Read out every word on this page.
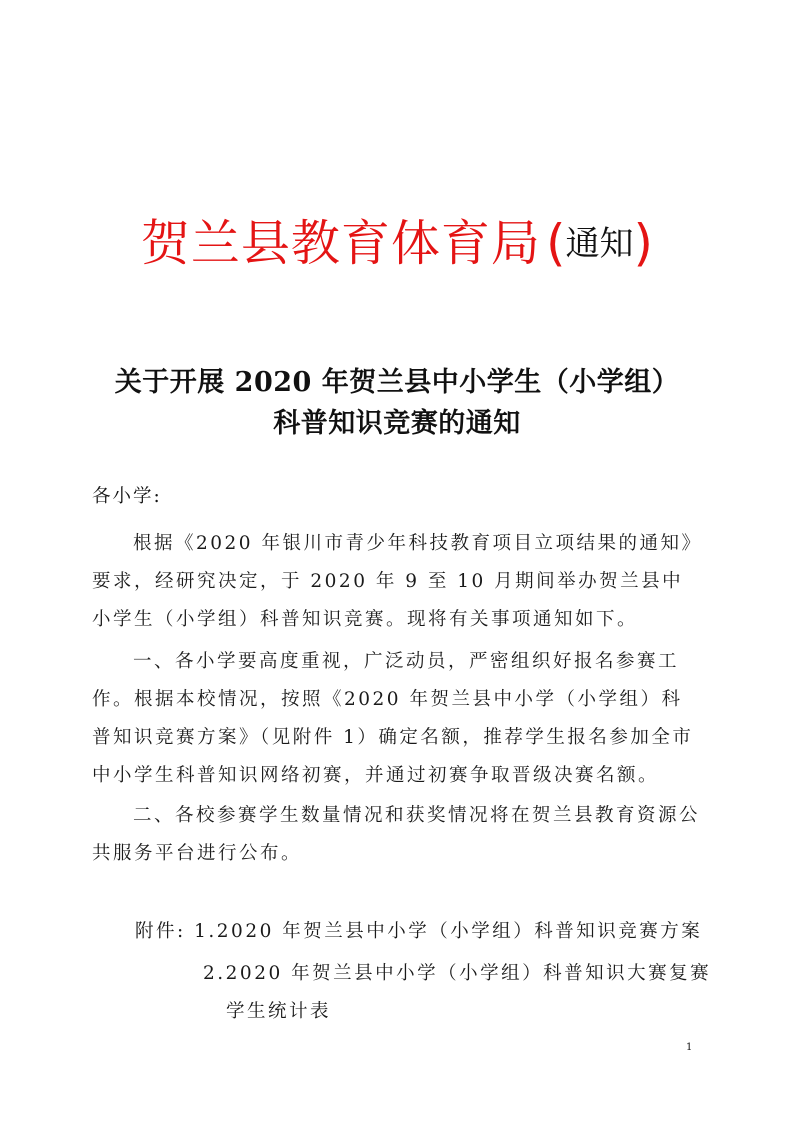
贺兰县教育体育局 (通知)
关于开展 2020 年贺兰县中小学生（小学组）
科普知识竞赛的通知
各小学:
根据《2020 年银川市青少年科技教育项目立项结果的通知》要求，经研究决定，于 2020 年 9 至 10 月期间举办贺兰县中小学生（小学组）科普知识竞赛。现将有关事项通知如下。
一、各小学要高度重视，广泛动员，严密组织好报名参赛工作。根据本校情况，按照《2020 年贺兰县中小学（小学组）科普知识竞赛方案》（见附件 1）确定名额，推荐学生报名参加全市中小学生科普知识网络初赛，并通过初赛争取晋级决赛名额。
二、各校参赛学生数量情况和获奖情况将在贺兰县教育资源公共服务平台进行公布。
附件: 1.2020 年贺兰县中小学（小学组）科普知识竞赛方案
2.2020 年贺兰县中小学（小学组）科普知识大赛复赛
学生统计表
1
